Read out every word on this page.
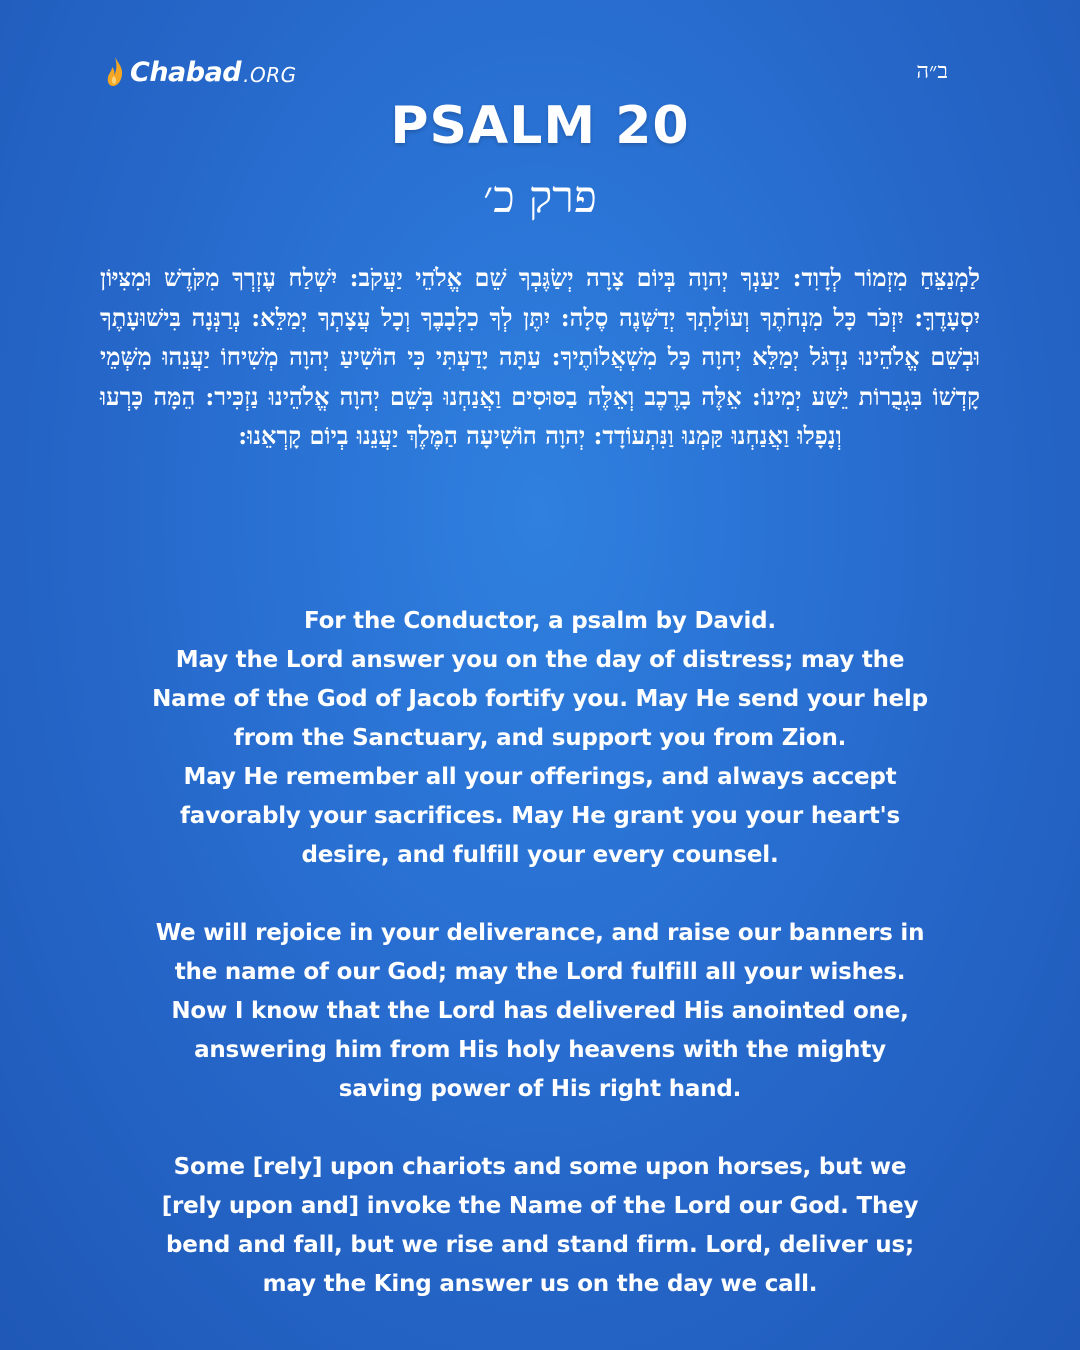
Chabad .ORG	ב״ה
PSALM 20
פרק כ׳
לַמְנַצֵּחַ מִזְמוֹר לְדָוִד: יַעַנְךָ יְהוָה בְּיוֹם צָרָה יְשַׂגֶּבְךָ שֵׁם אֱלֹהֵי יַעֲקֹב: יִשְׁלַח עֶזְרְךָ מִקֹּדֶשׁ וּמִצִּיּוֹן יִסְעָדֶךָּ: יִזְכֹּר כָּל מִנְחֹתֶךָ וְעוֹלָתְךָ יְדַשְּׁנֶה סֶלָה: יִתֶּן לְךָ כִלְבָבֶךָ וְכָל עֲצָתְךָ יְמַלֵּא: נְרַנְּנָה בִּישׁוּעָתֶךָ וּבְשֵׁם אֱלֹהֵינוּ נִדְגֹּל יְמַלֵּא יְהוָה כָּל מִשְׁאֲלוֹתֶיךָ: עַתָּה יָדַעְתִּי כִּי הוֹשִׁיעַ יְהוָה מְשִׁיחוֹ יַעֲנֵהוּ מִשְּׁמֵי קָדְשׁוֹ בִּגְבֻרוֹת יֵשַׁע יְמִינוֹ: אֵלֶּה בָרֶכֶב וְאֵלֶּה בַסּוּסִים וַאֲנַחְנוּ בְּשֵׁם יְהוָה אֱלֹהֵינוּ נַזְכִּיר: הֵמָּה כָּרְעוּ וְנָפָלוּ וַאֲנַחְנוּ קַּמְנוּ וַנִּתְעוֹדָד: יְהוָה הוֹשִׁיעָה הַמֶּלֶךְ יַעֲנֵנוּ בְיוֹם קָרְאֵנוּ:

For the Conductor, a psalm by David.
May the Lord answer you on the day of distress; may the
Name of the God of Jacob fortify you. May He send your help
from the Sanctuary, and support you from Zion.
May He remember all your offerings, and always accept
favorably your sacrifices. May He grant you your heart's
desire, and fulfill your every counsel.

We will rejoice in your deliverance, and raise our banners in
the name of our God; may the Lord fulfill all your wishes.
Now I know that the Lord has delivered His anointed one,
answering him from His holy heavens with the mighty
saving power of His right hand.

Some [rely] upon chariots and some upon horses, but we
[rely upon and] invoke the Name of the Lord our God. They
bend and fall, but we rise and stand firm. Lord, deliver us;
may the King answer us on the day we call.
